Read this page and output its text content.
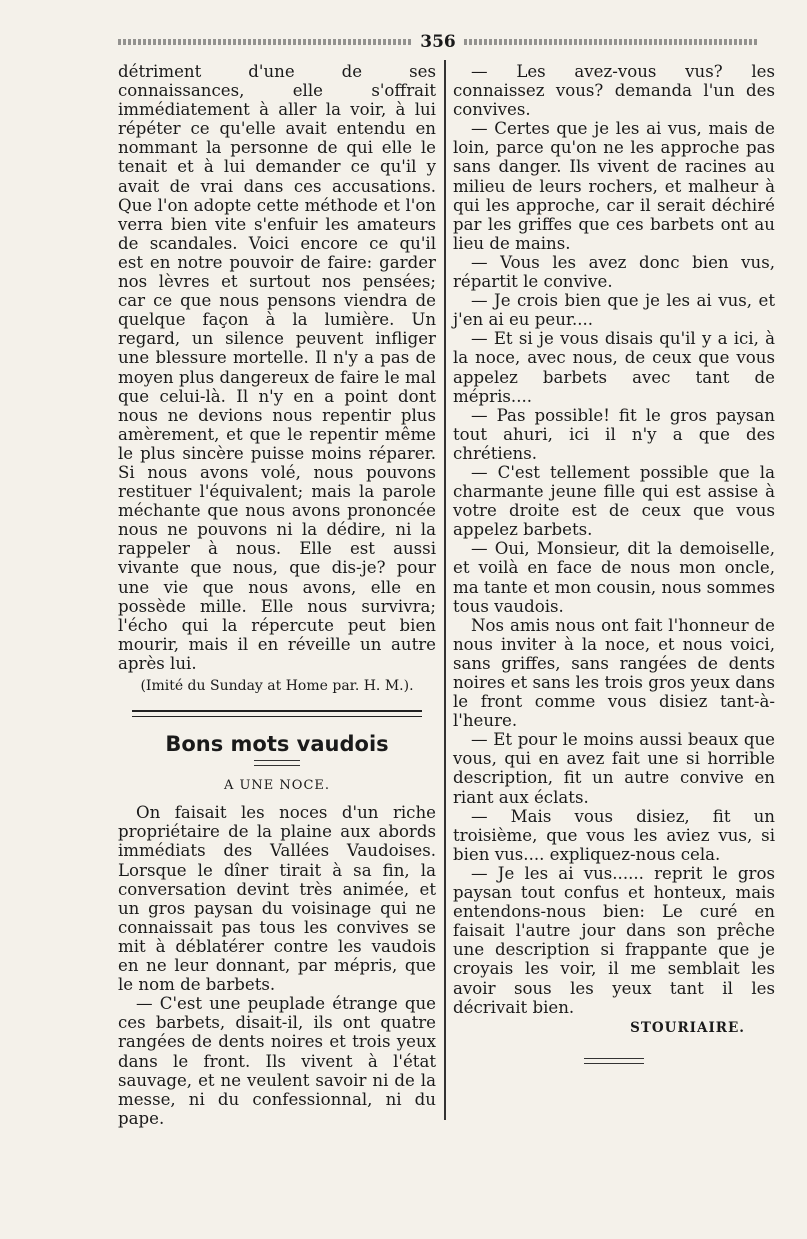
356

détriment d'une de ses connaissances, elle s'offrait immédiatement à aller la voir, à lui répéter ce qu'elle avait entendu en nommant la personne de qui elle le tenait et à lui demander ce qu'il y avait de vrai dans ces accusations. Que l'on adopte cette méthode et l'on verra bien vite s'enfuir les amateurs de scandales. Voici encore ce qu'il est en notre pouvoir de faire: garder nos lèvres et surtout nos pensées; car ce que nous pensons viendra de quelque façon à la lumière. Un regard, un silence peuvent infliger une blessure mortelle. Il n'y a pas de moyen plus dangereux de faire le mal que celui-là. Il n'y en a point dont nous ne devions nous repentir plus amèrement, et que le repentir même le plus sincère puisse moins réparer. Si nous avons volé, nous pouvons restituer l'équivalent; mais la parole méchante que nous avons prononcée nous ne pouvons ni la dédire, ni la rappeler à nous. Elle est aussi vivante que nous, que dis-je? pour une vie que nous avons, elle en possède mille. Elle nous survivra; l'écho qui la répercute peut bien mourir, mais il en réveille un autre après lui.

(Imité du Sunday at Home par. H. M.).

Bons mots vaudois
A UNE NOCE.

On faisait les noces d'un riche propriétaire de la plaine aux abords immédiats des Vallées Vaudoises. Lorsque le dîner tirait à sa fin, la conversation devint très animée, et un gros paysan du voisinage qui ne connaissait pas tous les convives se mit à déblatérer contre les vaudois en ne leur donnant, par mépris, que le nom de barbets.

— C'est une peuplade étrange que ces barbets, disait-il, ils ont quatre rangées de dents noires et trois yeux dans le front. Ils vivent à l'état sauvage, et ne veulent savoir ni de la messe, ni du confessionnal, ni du pape.

— Les avez-vous vus? les connaissez vous? demanda l'un des convives.

— Certes que je les ai vus, mais de loin, parce qu'on ne les approche pas sans danger. Ils vivent de racines au milieu de leurs rochers, et malheur à qui les approche, car il serait déchiré par les griffes que ces barbets ont au lieu de mains.

— Vous les avez donc bien vus, répartit le convive.

— Je crois bien que je les ai vus, et j'en ai eu peur....

— Et si je vous disais qu'il y a ici, à la noce, avec nous, de ceux que vous appelez barbets avec tant de mépris....

— Pas possible! fit le gros paysan tout ahuri, ici il n'y a que des chrétiens.

— C'est tellement possible que la charmante jeune fille qui est assise à votre droite est de ceux que vous appelez barbets.

— Oui, Monsieur, dit la demoiselle, et voilà en face de nous mon oncle, ma tante et mon cousin, nous sommes tous vaudois.

Nos amis nous ont fait l'honneur de nous inviter à la noce, et nous voici, sans griffes, sans rangées de dents noires et sans les trois gros yeux dans le front comme vous disiez tant-à-l'heure.

— Et pour le moins aussi beaux que vous, qui en avez fait une si horrible description, fit un autre convive en riant aux éclats.

— Mais vous disiez, fit un troisième, que vous les aviez vus, si bien vus.... expliquez-nous cela.

— Je les ai vus...... reprit le gros paysan tout confus et honteux, mais entendons-nous bien: Le curé en faisait l'autre jour dans son prêche une description si frappante que je croyais les voir, il me semblait les avoir sous les yeux tant il les décrivait bien.

STOURIAIRE.
